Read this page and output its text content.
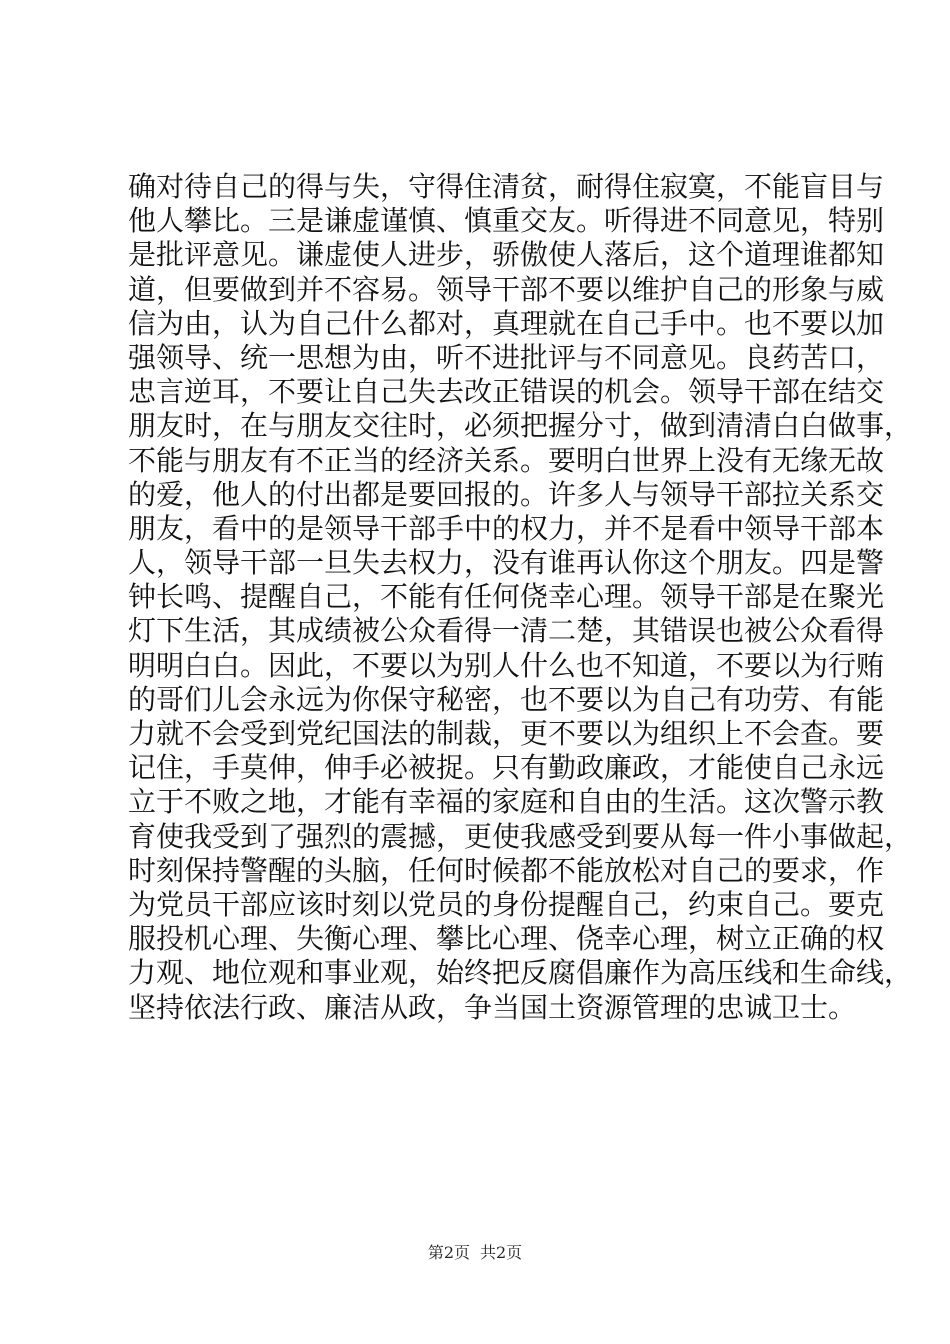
确对待自己的得与失，守得住清贫，耐得住寂寞，不能盲目与
他人攀比。三是谦虚谨慎、慎重交友。听得进不同意见，特别
是批评意见。谦虚使人进步，骄傲使人落后，这个道理谁都知
道，但要做到并不容易。领导干部不要以维护自己的形象与威
信为由，认为自己什么都对，真理就在自己手中。也不要以加
强领导、统一思想为由，听不进批评与不同意见。良药苦口，
忠言逆耳，不要让自己失去改正错误的机会。领导干部在结交
朋友时，在与朋友交往时，必须把握分寸，做到清清白白做事，
不能与朋友有不正当的经济关系。要明白世界上没有无缘无故
的爱，他人的付出都是要回报的。许多人与领导干部拉关系交
朋友，看中的是领导干部手中的权力，并不是看中领导干部本
人，领导干部一旦失去权力，没有谁再认你这个朋友。四是警
钟长鸣、提醒自己，不能有任何侥幸心理。领导干部是在聚光
灯下生活，其成绩被公众看得一清二楚，其错误也被公众看得
明明白白。因此，不要以为别人什么也不知道，不要以为行贿
的哥们儿会永远为你保守秘密，也不要以为自己有功劳、有能
力就不会受到党纪国法的制裁，更不要以为组织上不会查。要
记住，手莫伸，伸手必被捉。只有勤政廉政，才能使自己永远
立于不败之地，才能有幸福的家庭和自由的生活。这次警示教
育使我受到了强烈的震撼，更使我感受到要从每一件小事做起，
时刻保持警醒的头脑，任何时候都不能放松对自己的要求，作
为党员干部应该时刻以党员的身份提醒自己，约束自己。要克
服投机心理、失衡心理、攀比心理、侥幸心理，树立正确的权
力观、地位观和事业观，始终把反腐倡廉作为高压线和生命线，
坚持依法行政、廉洁从政，争当国土资源管理的忠诚卫士。
第2页 共2页
